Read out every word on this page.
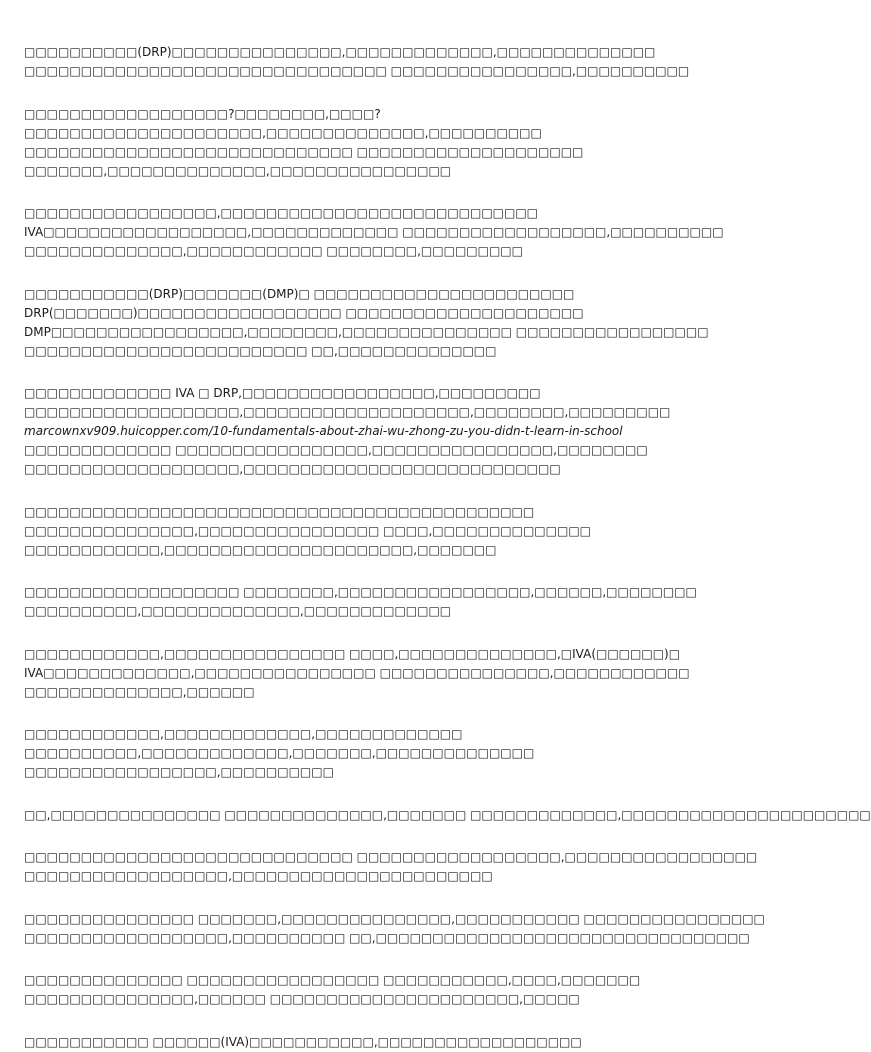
□□□□□□□□□□(DRP)□□□□□□□□□□□□□□□,□□□□□□□□□□□□□,□□□□□□□□□□□□□□
□□□□□□□□□□□□□□□□□□□□□□□□□□□□□□□□ □□□□□□□□□□□□□□□□,□□□□□□□□□□
□□□□□□□□□□□□□□□□□□?□□□□□□□□,□□□□?
□□□□□□□□□□□□□□□□□□□□□,□□□□□□□□□□□□□□,□□□□□□□□□□
□□□□□□□□□□□□□□□□□□□□□□□□□□□□□ □□□□□□□□□□□□□□□□□□□□
□□□□□□□,□□□□□□□□□□□□□□,□□□□□□□□□□□□□□□□
□□□□□□□□□□□□□□□□□,□□□□□□□□□□□□□□□□□□□□□□□□□□□□
IVA□□□□□□□□□□□□□□□□□□,□□□□□□□□□□□□□ □□□□□□□□□□□□□□□□□□,□□□□□□□□□□
□□□□□□□□□□□□□□,□□□□□□□□□□□□ □□□□□□□□,□□□□□□□□□
□□□□□□□□□□□(DRP)□□□□□□□(DMP)□ □□□□□□□□□□□□□□□□□□□□□□□
DRP(□□□□□□□)□□□□□□□□□□□□□□□□□□ □□□□□□□□□□□□□□□□□□□□□
DMP□□□□□□□□□□□□□□□□□,□□□□□□□□,□□□□□□□□□□□□□□□ □□□□□□□□□□□□□□□□□
□□□□□□□□□□□□□□□□□□□□□□□□□ □□,□□□□□□□□□□□□□□
□□□□□□□□□□□□□ IVA □ DRP,□□□□□□□□□□□□□□□□□,□□□□□□□□□
□□□□□□□□□□□□□□□□□□□,□□□□□□□□□□□□□□□□□□□□,□□□□□□□□,□□□□□□□□□
marcownxv909.huicopper.com/10-fundamentals-about-zhai-wu-zhong-zu-you-didn-t-learn-in-school
□□□□□□□□□□□□□ □□□□□□□□□□□□□□□□□,□□□□□□□□□□□□□□□□,□□□□□□□□
□□□□□□□□□□□□□□□□□□□,□□□□□□□□□□□□□□□□□□□□□□□□□□□□
□□□□□□□□□□□□□□□□□□□□□□□□□□□□□□□□□□□□□□□□□□□□□
□□□□□□□□□□□□□□□,□□□□□□□□□□□□□□□□ □□□□,□□□□□□□□□□□□□□
□□□□□□□□□□□□,□□□□□□□□□□□□□□□□□□□□□□,□□□□□□□
□□□□□□□□□□□□□□□□□□□ □□□□□□□□,□□□□□□□□□□□□□□□□□,□□□□□□,□□□□□□□□
□□□□□□□□□□,□□□□□□□□□□□□□□,□□□□□□□□□□□□□
□□□□□□□□□□□□,□□□□□□□□□□□□□□□□ □□□□,□□□□□□□□□□□□□□,□IVA(□□□□□□)□
IVA□□□□□□□□□□□□□,□□□□□□□□□□□□□□□□ □□□□□□□□□□□□□□□,□□□□□□□□□□□□
□□□□□□□□□□□□□□,□□□□□□
□□□□□□□□□□□□,□□□□□□□□□□□□□,□□□□□□□□□□□□□
□□□□□□□□□□,□□□□□□□□□□□□□,□□□□□□□,□□□□□□□□□□□□□□
□□□□□□□□□□□□□□□□□,□□□□□□□□□□
□□,□□□□□□□□□□□□□□□ □□□□□□□□□□□□□□,□□□□□□□ □□□□□□□□□□□□□,□□□□□□□□□□□□□□□□□□□□□□
□□□□□□□□□□□□□□□□□□□□□□□□□□□□□ □□□□□□□□□□□□□□□□□□,□□□□□□□□□□□□□□□□□
□□□□□□□□□□□□□□□□□□,□□□□□□□□□□□□□□□□□□□□□□□
□□□□□□□□□□□□□□□ □□□□□□□,□□□□□□□□□□□□□□□,□□□□□□□□□□□ □□□□□□□□□□□□□□□□
□□□□□□□□□□□□□□□□□□,□□□□□□□□□□ □□,□□□□□□□□□□□□□□□□□□□□□□□□□□□□□□□□□
□□□□□□□□□□□□□□ □□□□□□□□□□□□□□□□□ □□□□□□□□□□□,□□□□,□□□□□□□
□□□□□□□□□□□□□□□,□□□□□□ □□□□□□□□□□□□□□□□□□□□□□,□□□□□
□□□□□□□□□□□ □□□□□□(IVA)□□□□□□□□□□□,□□□□□□□□□□□□□□□□□□
